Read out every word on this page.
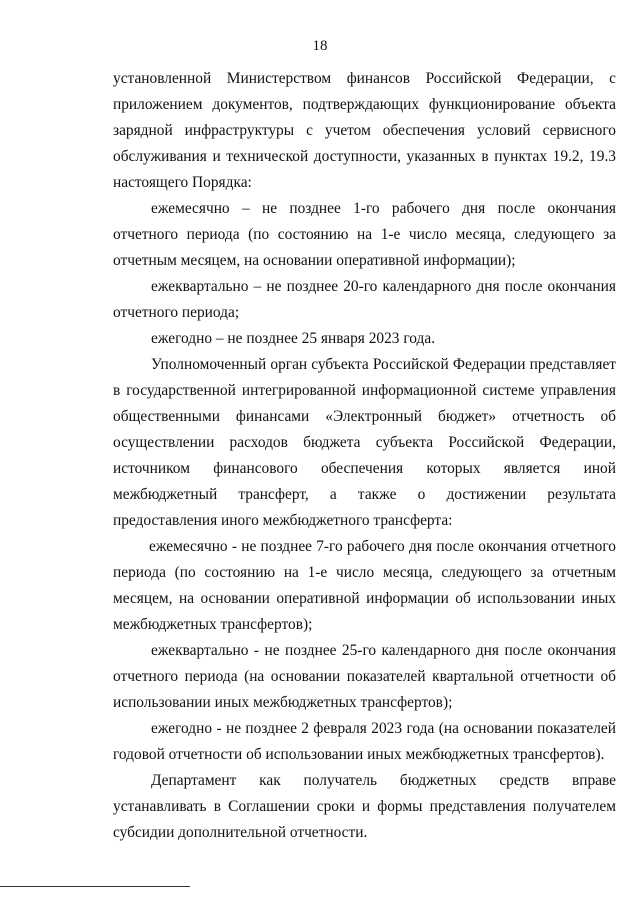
18

установленной Министерством финансов Российской Федерации, с приложением документов, подтверждающих функционирование объекта зарядной инфраструктуры с учетом обеспечения условий сервисного обслуживания и технической доступности, указанных в пунктах 19.2, 19.3 настоящего Порядка:

ежемесячно – не позднее 1-го рабочего дня после окончания отчетного периода (по состоянию на 1-е число месяца, следующего за отчетным месяцем, на основании оперативной информации);

ежеквартально – не позднее 20-го календарного дня после окончания отчетного периода;

ежегодно – не позднее 25 января 2023 года.

Уполномоченный орган субъекта Российской Федерации представляет в государственной интегрированной информационной системе управления общественными финансами «Электронный бюджет» отчетность об осуществлении расходов бюджета субъекта Российской Федерации, источником финансового обеспечения которых является иной межбюджетный трансферт, а также о достижении результата предоставления иного межбюджетного трансферта:

ежемесячно - не позднее 7-го рабочего дня после окончания отчетного периода (по состоянию на 1-е число месяца, следующего за отчетным месяцем, на основании оперативной информации об использовании иных межбюджетных трансфертов);

ежеквартально - не позднее 25-го календарного дня после окончания отчетного периода (на основании показателей квартальной отчетности об использовании иных межбюджетных трансфертов);

ежегодно - не позднее 2 февраля 2023 года (на основании показателей годовой отчетности об использовании иных межбюджетных трансфертов).

Департамент как получатель бюджетных средств вправе устанавливать в Соглашении сроки и формы представления получателем субсидии дополнительной отчетности.
